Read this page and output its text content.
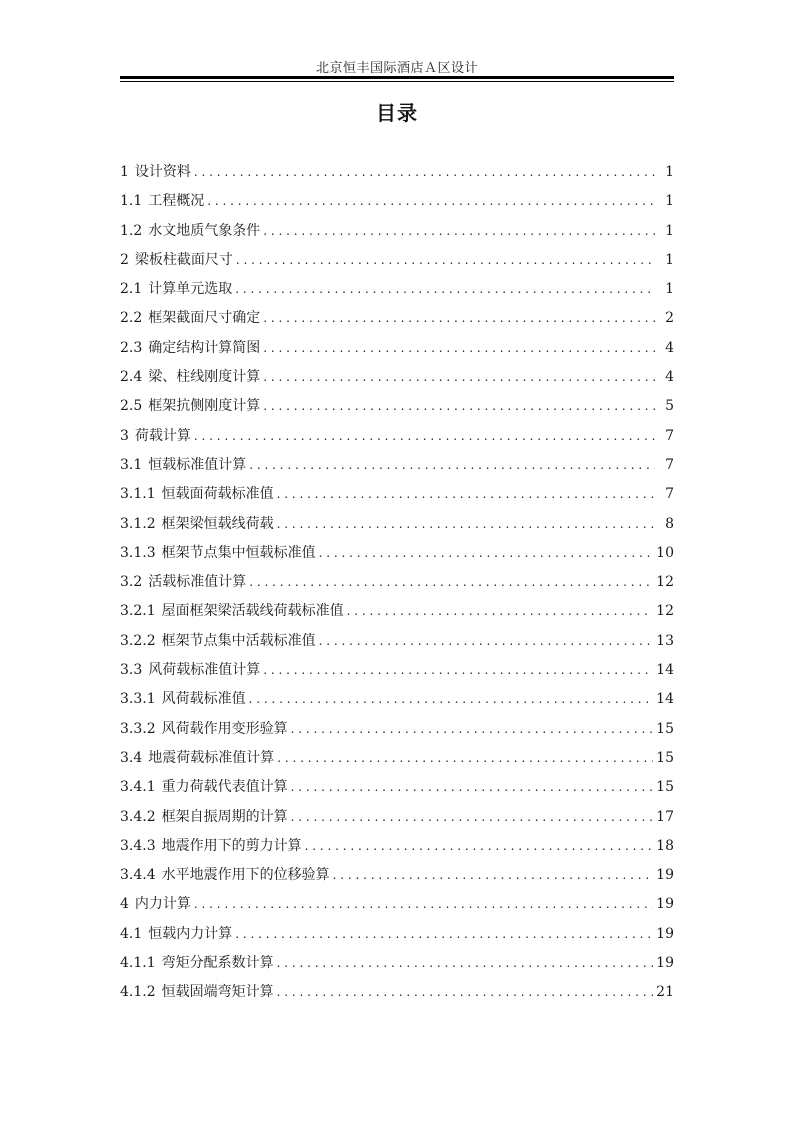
北京恒丰国际酒店Ａ区设计
目录
1 设计资料 . . .	1
1.1 工程概况 . . .	1
1.2 水文地质气象条件 . . .	1
2 梁板柱截面尺寸 . . .	1
2.1 计算单元选取 . . .	1
2.2 框架截面尺寸确定 . . .	2
2.3 确定结构计算简图 . . .	4
2.4 梁、柱线刚度计算 . . .	4
2.5 框架抗侧刚度计算 . . .	5
3 荷载计算 . . .	7
3.1 恒载标准值计算 . . .	7
3.1.1 恒载面荷载标准值 . . .	7
3.1.2 框架梁恒载线荷载 . . .	8
3.1.3 框架节点集中恒载标准值 . . .	10
3.2 活载标准值计算 . . .	12
3.2.1 屋面框架梁活载线荷载标准值 . . .	12
3.2.2 框架节点集中活载标准值 . . .	13
3.3 风荷载标准值计算 . . .	14
3.3.1 风荷载标准值 . . .	14
3.3.2 风荷载作用变形验算 . . .	15
3.4 地震荷载标准值计算 . . .	15
3.4.1 重力荷载代表值计算 . . .	15
3.4.2 框架自振周期的计算 . . .	17
3.4.3 地震作用下的剪力计算 . . .	18
3.4.4 水平地震作用下的位移验算 . . .	19
4 内力计算 . . .	19
4.1 恒载内力计算 . . .	19
4.1.1 弯矩分配系数计算 . . .	19
4.1.2 恒载固端弯矩计算 . . .	21
